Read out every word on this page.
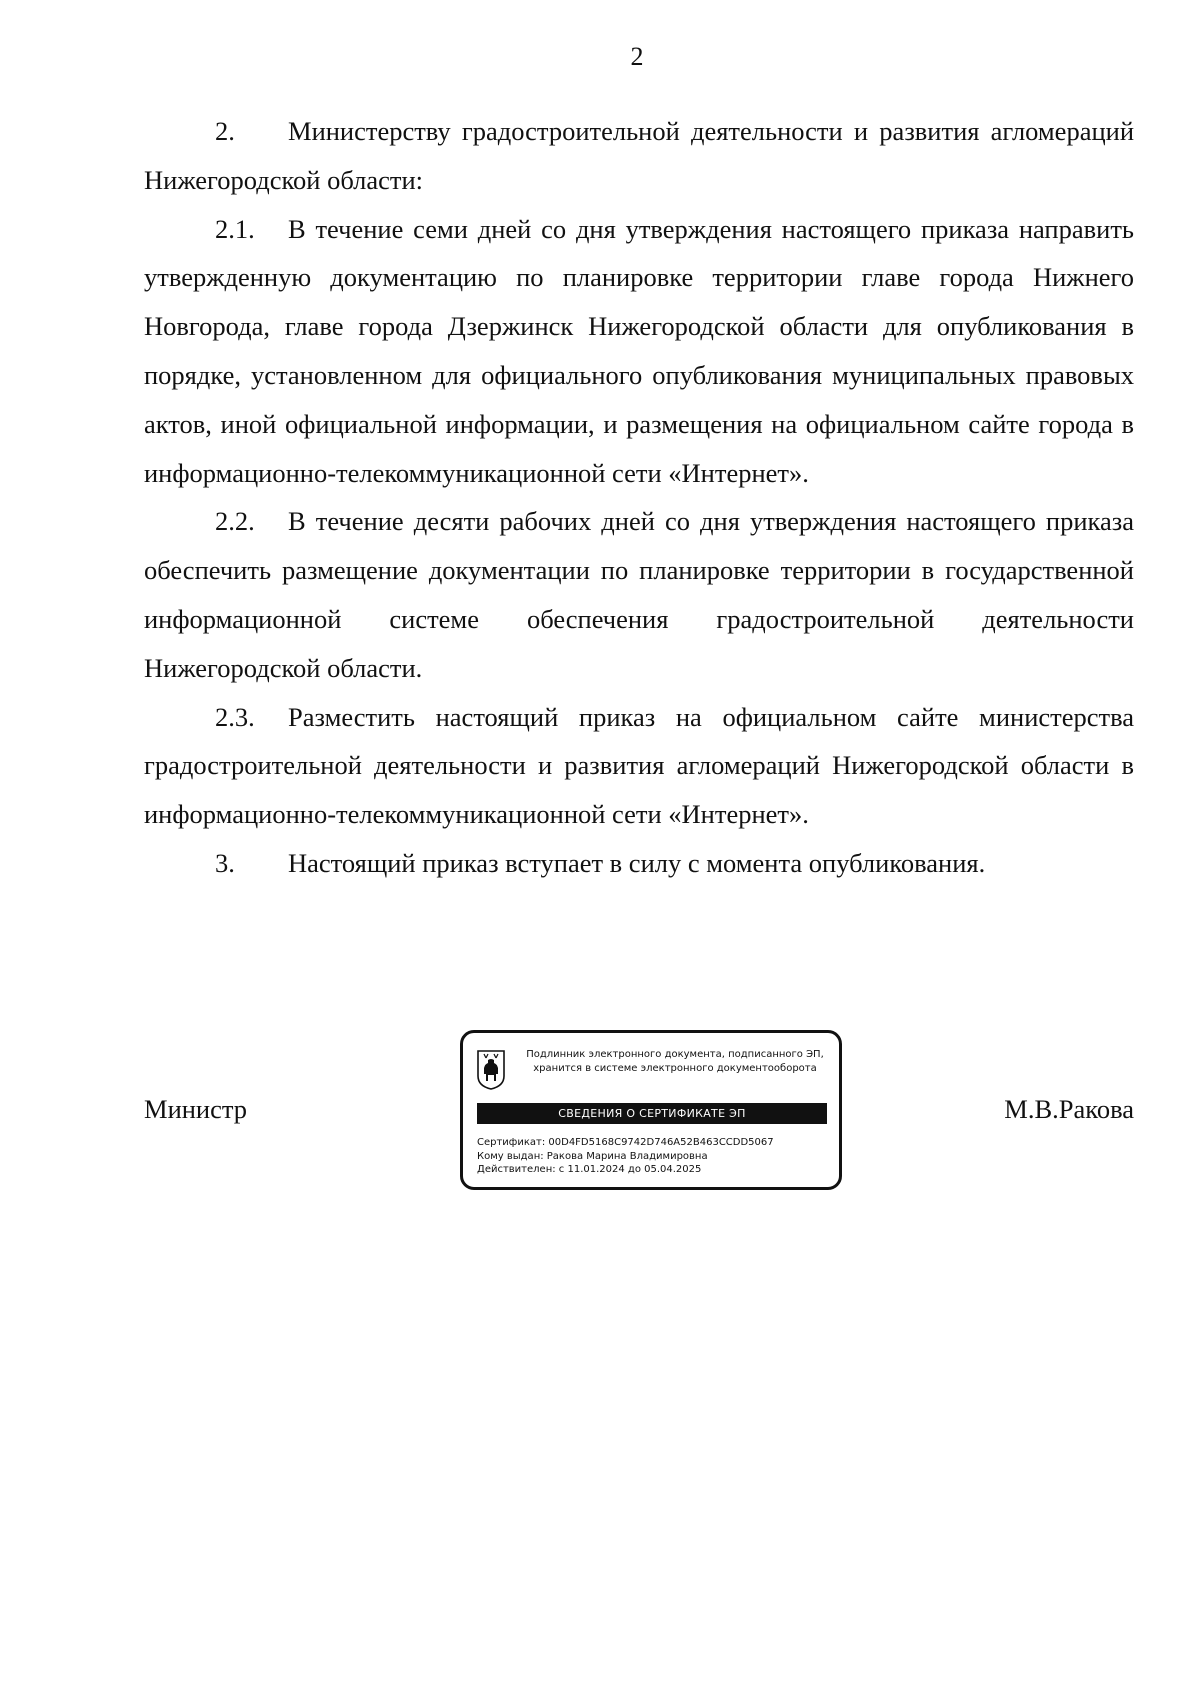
2

2. Министерству градостроительной деятельности и развития агломераций Нижегородской области:

2.1. В течение семи дней со дня утверждения настоящего приказа направить утвержденную документацию по планировке территории главе города Нижнего Новгорода, главе города Дзержинск Нижегородской области для опубликования в порядке, установленном для официального опубликования муниципальных правовых актов, иной официальной информации, и размещения на официальном сайте города в информационно-телекоммуникационной сети «Интернет».

2.2. В течение десяти рабочих дней со дня утверждения настоящего приказа обеспечить размещение документации по планировке территории в государственной информационной системе обеспечения градостроительной деятельности Нижегородской области.

2.3. Разместить настоящий приказ на официальном сайте министерства градостроительной деятельности и развития агломераций Нижегородской области в информационно-телекоммуникационной сети «Интернет».

3. Настоящий приказ вступает в силу с момента опубликования.

Министр	М.В.Ракова
Подлинник электронного документа, подписанного ЭП,
хранится в системе электронного документооборота
СВЕДЕНИЯ О СЕРТИФИКАТЕ ЭП
Сертификат: 00D4FD5168C9742D746A52B463CCDD5067
Кому выдан: Ракова Марина Владимировна
Действителен: с 11.01.2024 до 05.04.2025
